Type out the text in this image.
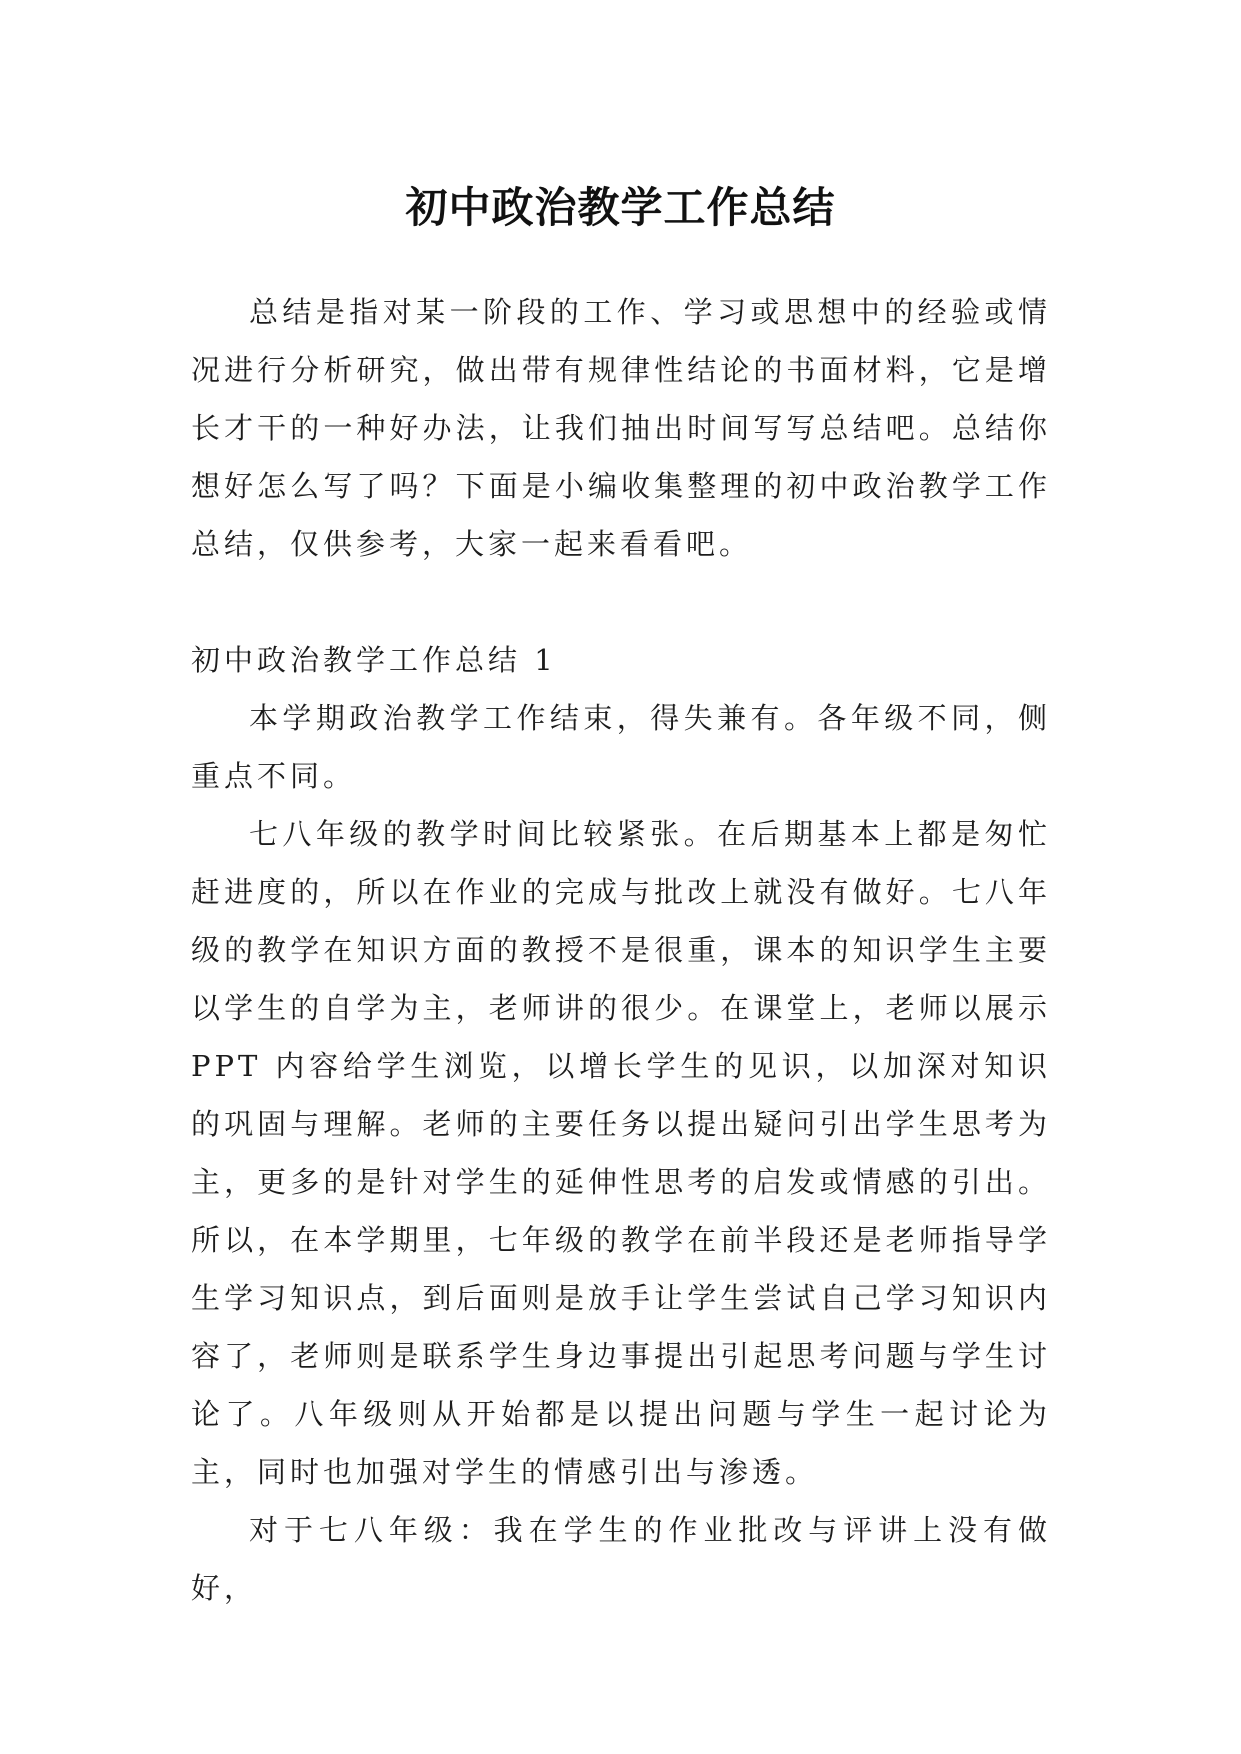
初中政治教学工作总结

总结是指对某一阶段的工作、学习或思想中的经验或情况进行分析研究，做出带有规律性结论的书面材料，它是增长才干的一种好办法，让我们抽出时间写写总结吧。总结你想好怎么写了吗？下面是小编收集整理的初中政治教学工作总结，仅供参考，大家一起来看看吧。

初中政治教学工作总结 1

本学期政治教学工作结束，得失兼有。各年级不同，侧重点不同。

七八年级的教学时间比较紧张。在后期基本上都是匆忙赶进度的，所以在作业的完成与批改上就没有做好。七八年级的教学在知识方面的教授不是很重，课本的知识学生主要以学生的自学为主，老师讲的很少。在课堂上，老师以展示 PPT 内容给学生浏览，以增长学生的见识，以加深对知识的巩固与理解。老师的主要任务以提出疑问引出学生思考为主，更多的是针对学生的延伸性思考的启发或情感的引出。所以，在本学期里，七年级的教学在前半段还是老师指导学生学习知识点，到后面则是放手让学生尝试自己学习知识内容了，老师则是联系学生身边事提出引起思考问题与学生讨论了。八年级则从开始都是以提出问题与学生一起讨论为主，同时也加强对学生的情感引出与渗透。

对于七八年级：我在学生的作业批改与评讲上没有做好，
